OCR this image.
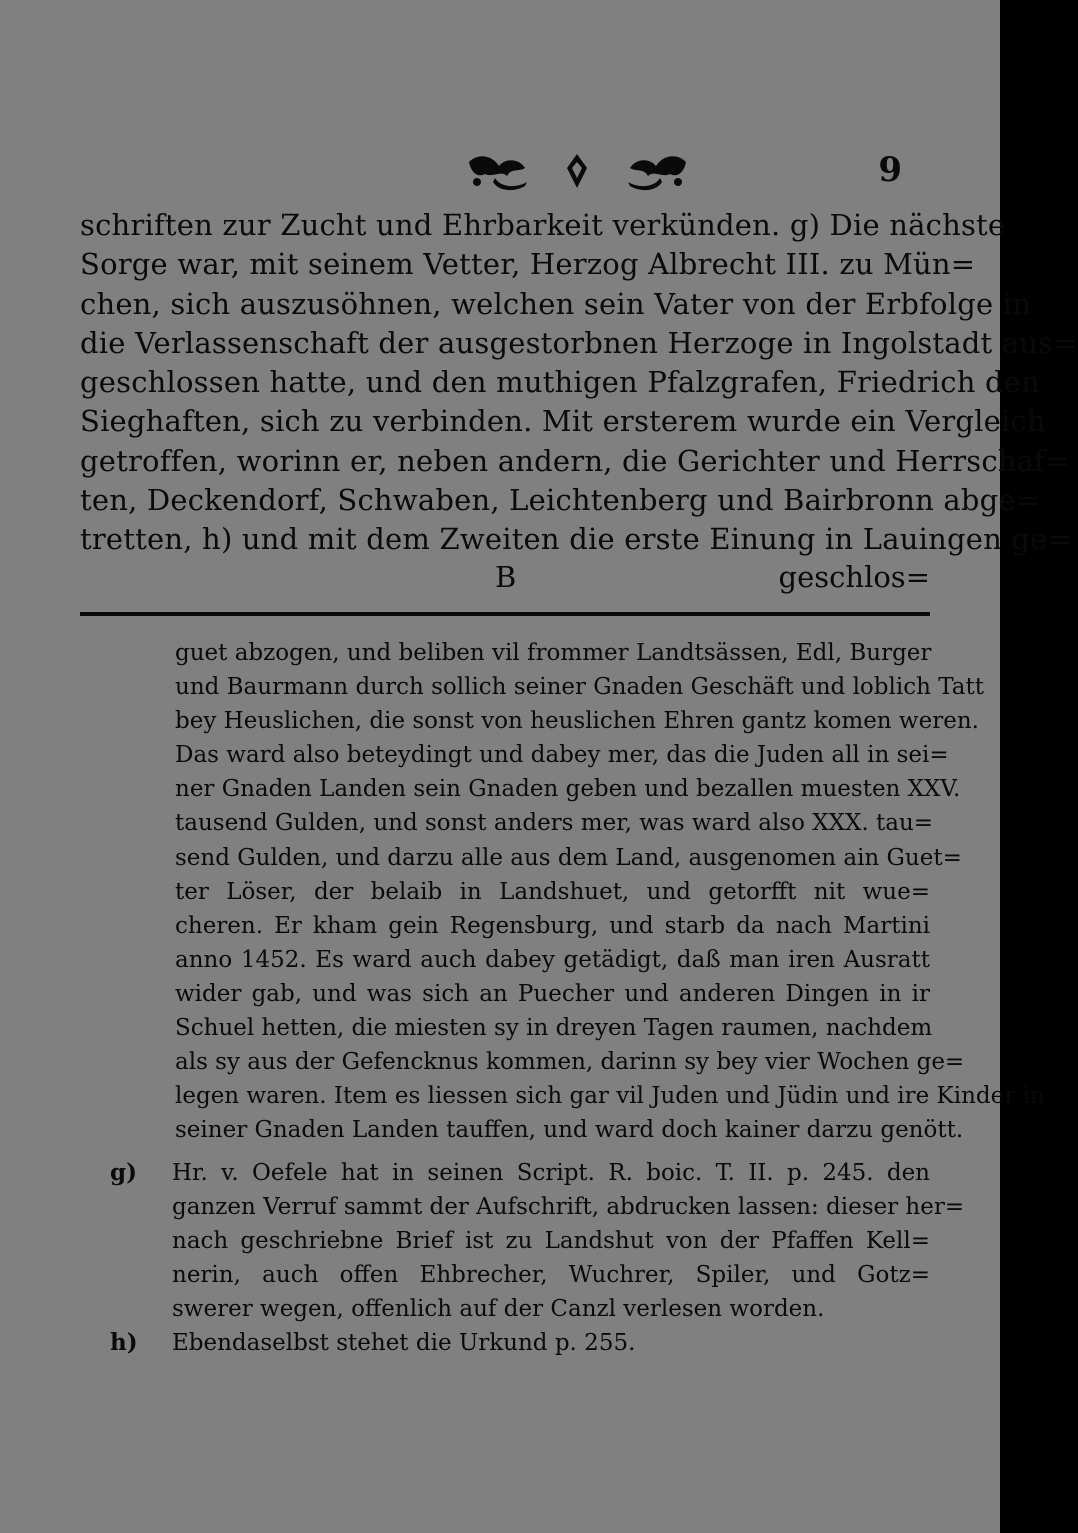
9
schriften zur Zucht und Ehrbarkeit verkünden. g) Die nächste
Sorge war, mit seinem Vetter, Herzog Albrecht III. zu Mün=
chen, sich auszusöhnen, welchen sein Vater von der Erbfolge in
die Verlassenschaft der ausgestorbnen Herzoge in Ingolstadt aus=
geschlossen hatte, und den muthigen Pfalzgrafen, Friedrich den
Sieghaften, sich zu verbinden. Mit ersterem wurde ein Vergleich
getroffen, worinn er, neben andern, die Gerichter und Herrschaf=
ten, Deckendorf, Schwaben, Leichtenberg und Bairbronn abge=
tretten, h) und mit dem Zweiten die erste Einung in Lauingen ge=
B	geschlos=
guet abzogen, und beliben vil frommer Landtsässen, Edl, Burger
und Baurmann durch sollich seiner Gnaden Geschäft und loblich Tatt
bey Heuslichen, die sonst von heuslichen Ehren gantz komen weren.
Das ward also beteydingt und dabey mer, das die Juden all in sei=
ner Gnaden Landen sein Gnaden geben und bezallen muesten XXV.
tausend Gulden, und sonst anders mer, was ward also XXX. tau=
send Gulden, und darzu alle aus dem Land, ausgenomen ain Guet=
ter Löser, der belaib in Landshuet, und getorfft nit wue=
cheren. Er kham gein Regensburg, und starb da nach Martini
anno 1452. Es ward auch dabey getädigt, daß man iren Ausratt
wider gab, und was sich an Puecher und anderen Dingen in ir
Schuel hetten, die miesten sy in dreyen Tagen raumen, nachdem
als sy aus der Gefencknus kommen, darinn sy bey vier Wochen ge=
legen waren. Item es liessen sich gar vil Juden und Jüdin und ire Kinder in
seiner Gnaden Landen tauffen, und ward doch kainer darzu genött.
g)	Hr. v. Oefele hat in seinen Script. R. boic. T. II. p. 245. den
ganzen Verruf sammt der Aufschrift, abdrucken lassen: dieser her=
nach geschriebne Brief ist zu Landshut von der Pfaffen Kell=
nerin, auch offen Ehbrecher, Wuchrer, Spiler, und Gotz=
swerer wegen, offenlich auf der Canzl verlesen worden.
h)	Ebendaselbst stehet die Urkund p. 255.
